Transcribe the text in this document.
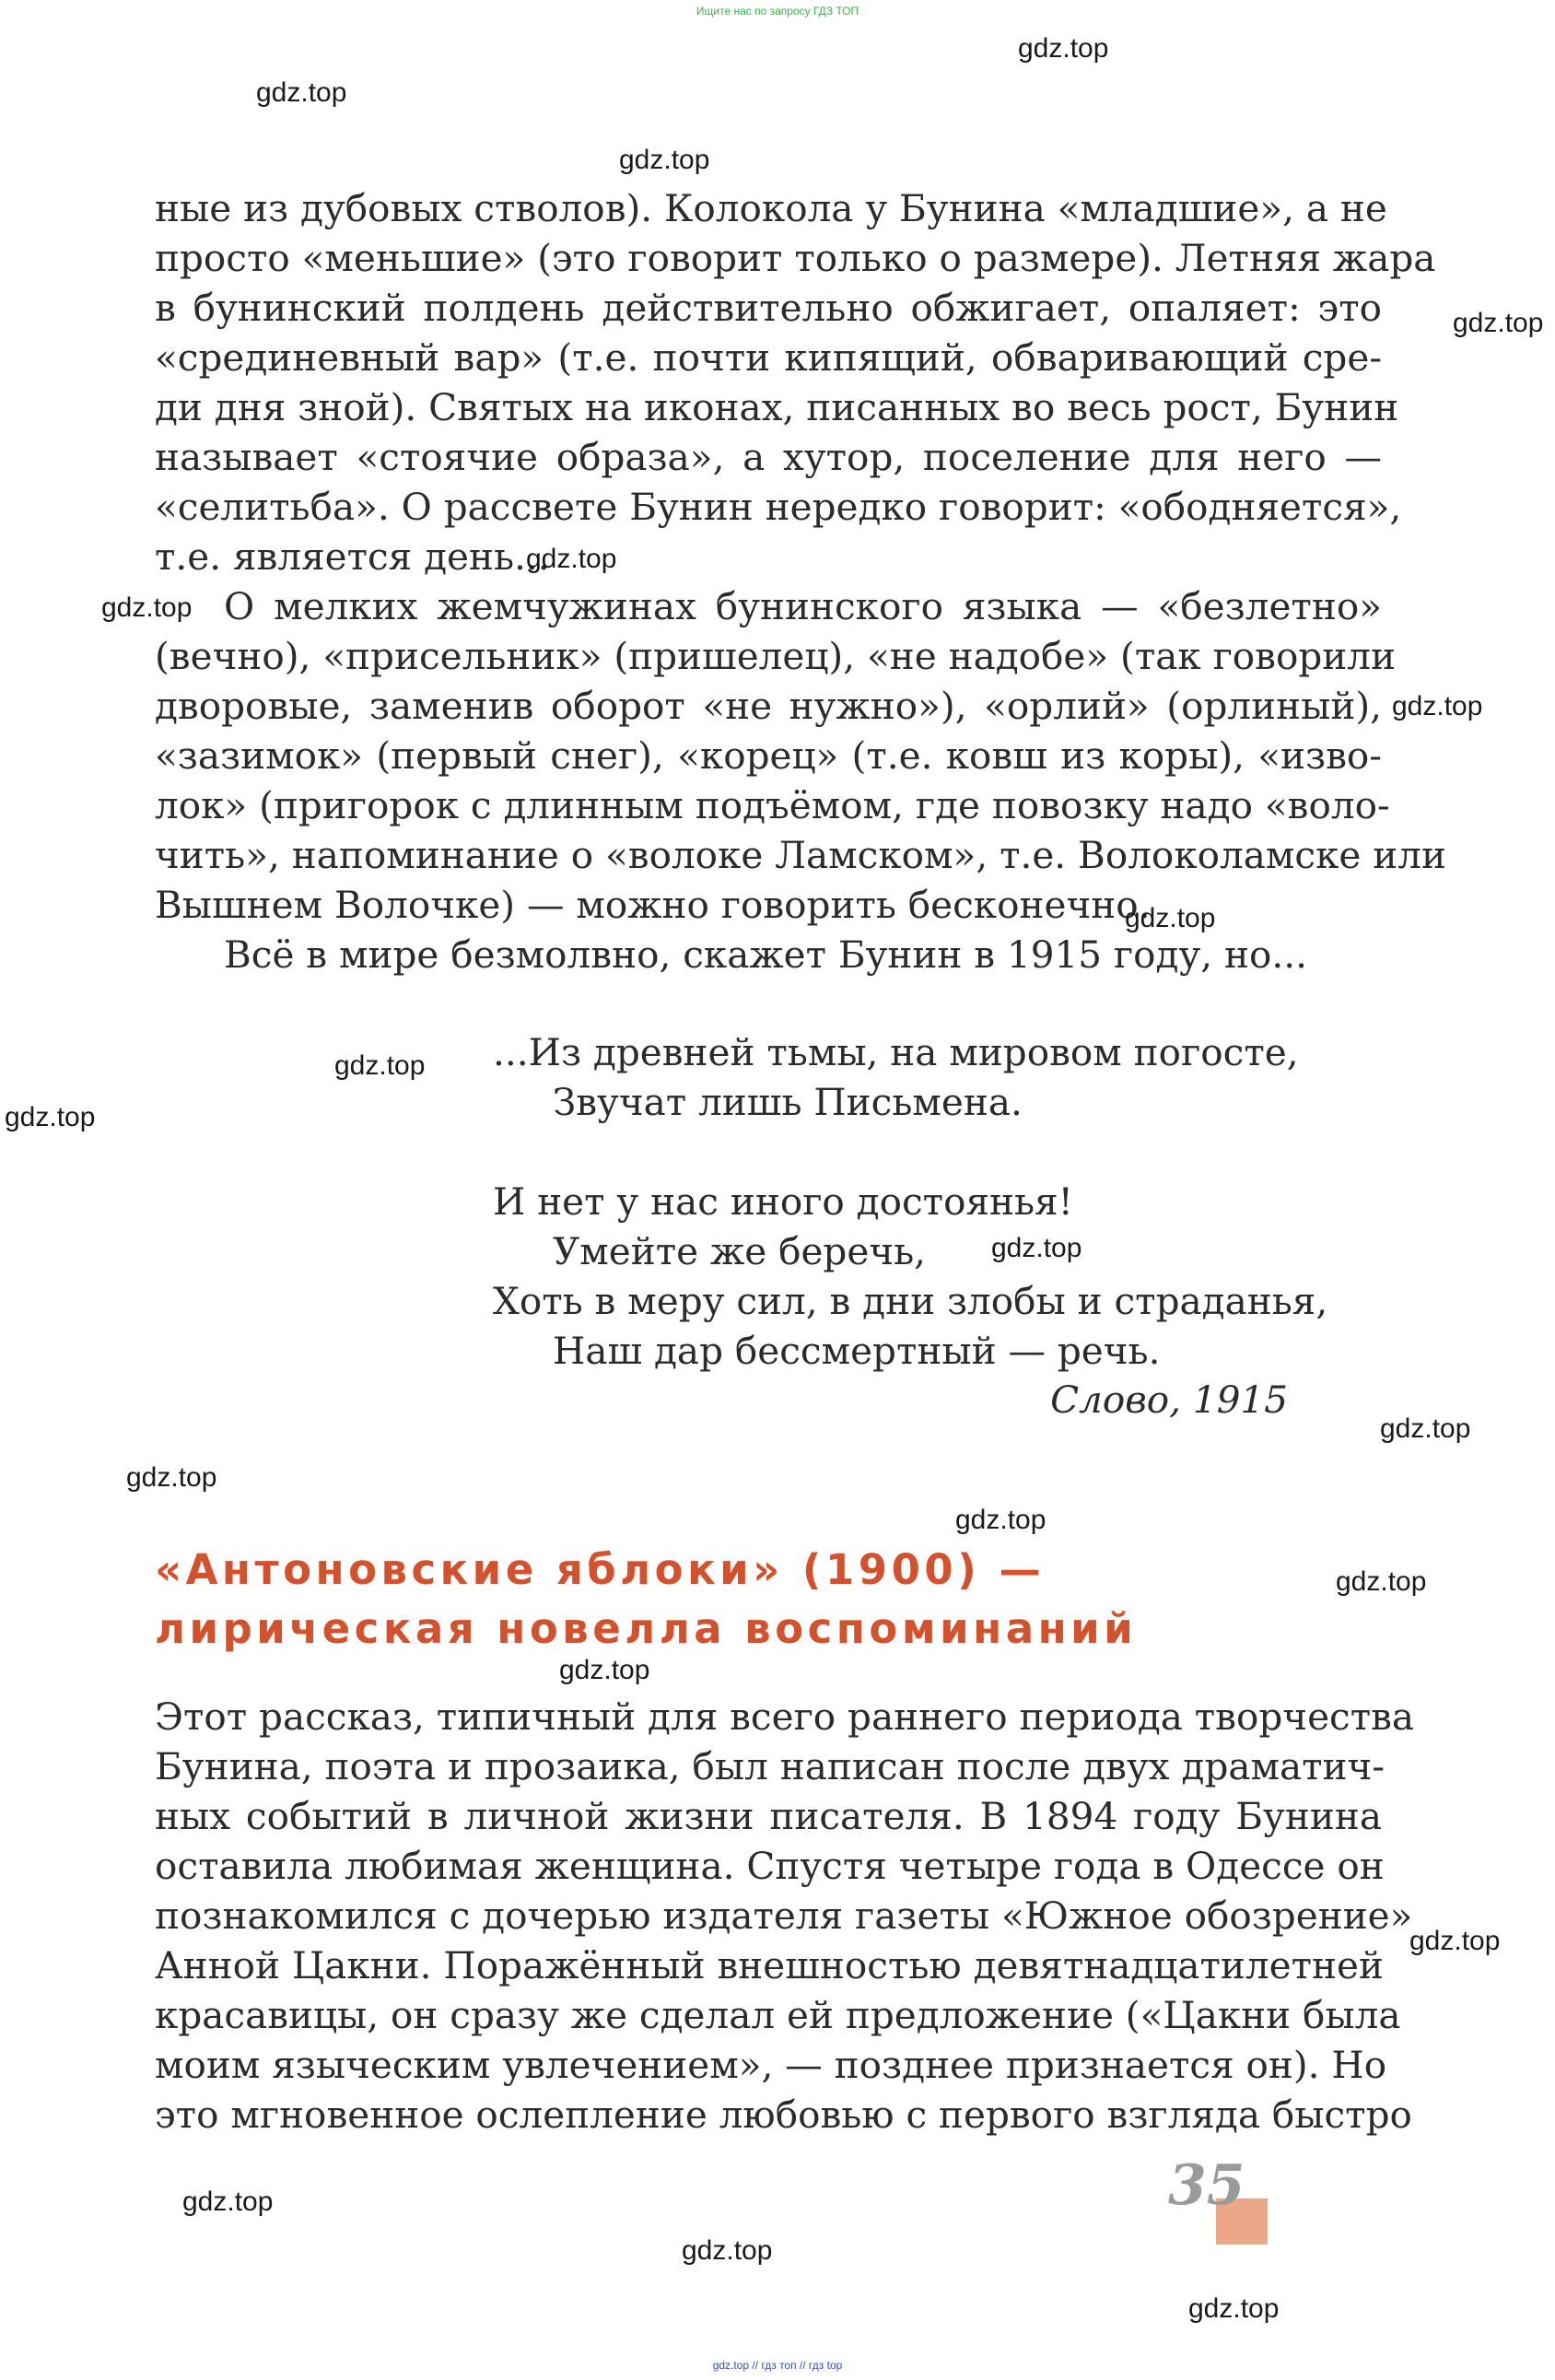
Ищите нас по запросу ГДЗ ТОП
ные из дубовых стволов). Колокола у Бунина «младшие», а не
просто «меньшие» (это говорит только о размере). Летняя жара
в бунинский полдень действительно обжигает, опаляет: это
«срединевный вар» (т.е. почти кипящий, обваривающий сре-
ди дня зной). Святых на иконах, писанных во весь рост, Бунин
называет «стоячие образа», а хутор, поселение для него —
«селитьба». О рассвете Бунин нередко говорит: «ободняется»,
т.е. является день...
О мелких жемчужинах бунинского языка — «безлетно»
(вечно), «присельник» (пришелец), «не надобе» (так говорили
дворовые, заменив оборот «не нужно»), «орлий» (орлиный),
«зазимок» (первый снег), «корец» (т.е. ковш из коры), «изво-
лок» (пригорок с длинным подъёмом, где повозку надо «воло-
чить», напоминание о «волоке Ламском», т.е. Волоколамске или
Вышнем Волочке) — можно говорить бесконечно.
Всё в мире безмолвно, скажет Бунин в 1915 году, но...
...Из древней тьмы, на мировом погосте,
Звучат лишь Письмена.
И нет у нас иного достоянья!
Умейте же беречь,
Хоть в меру сил, в дни злобы и страданья,
Наш дар бессмертный — речь.
Слово, 1915
«Антоновские яблоки» (1900) —
лирическая новелла воспоминаний
Этот рассказ, типичный для всего раннего периода творчества
Бунина, поэта и прозаика, был написан после двух драматич-
ных событий в личной жизни писателя. В 1894 году Бунина
оставила любимая женщина. Спустя четыре года в Одессе он
познакомился с дочерью издателя газеты «Южное обозрение»
Анной Цакни. Поражённый внешностью девятнадцатилетней
красавицы, он сразу же сделал ей предложение («Цакни была
моим языческим увлечением», — позднее признается он). Но
это мгновенное ослепление любовью с первого взгляда быстро
35
gdz.top
gdz.top
gdz.top
gdz.top
gdz.top
gdz.top
gdz.top
gdz.top
gdz.top
gdz.top
gdz.top
gdz.top
gdz.top
gdz.top
gdz.top
gdz.top
gdz.top
gdz.top
gdz.top
gdz.top
gdz.top // гдз топ // гдз top
